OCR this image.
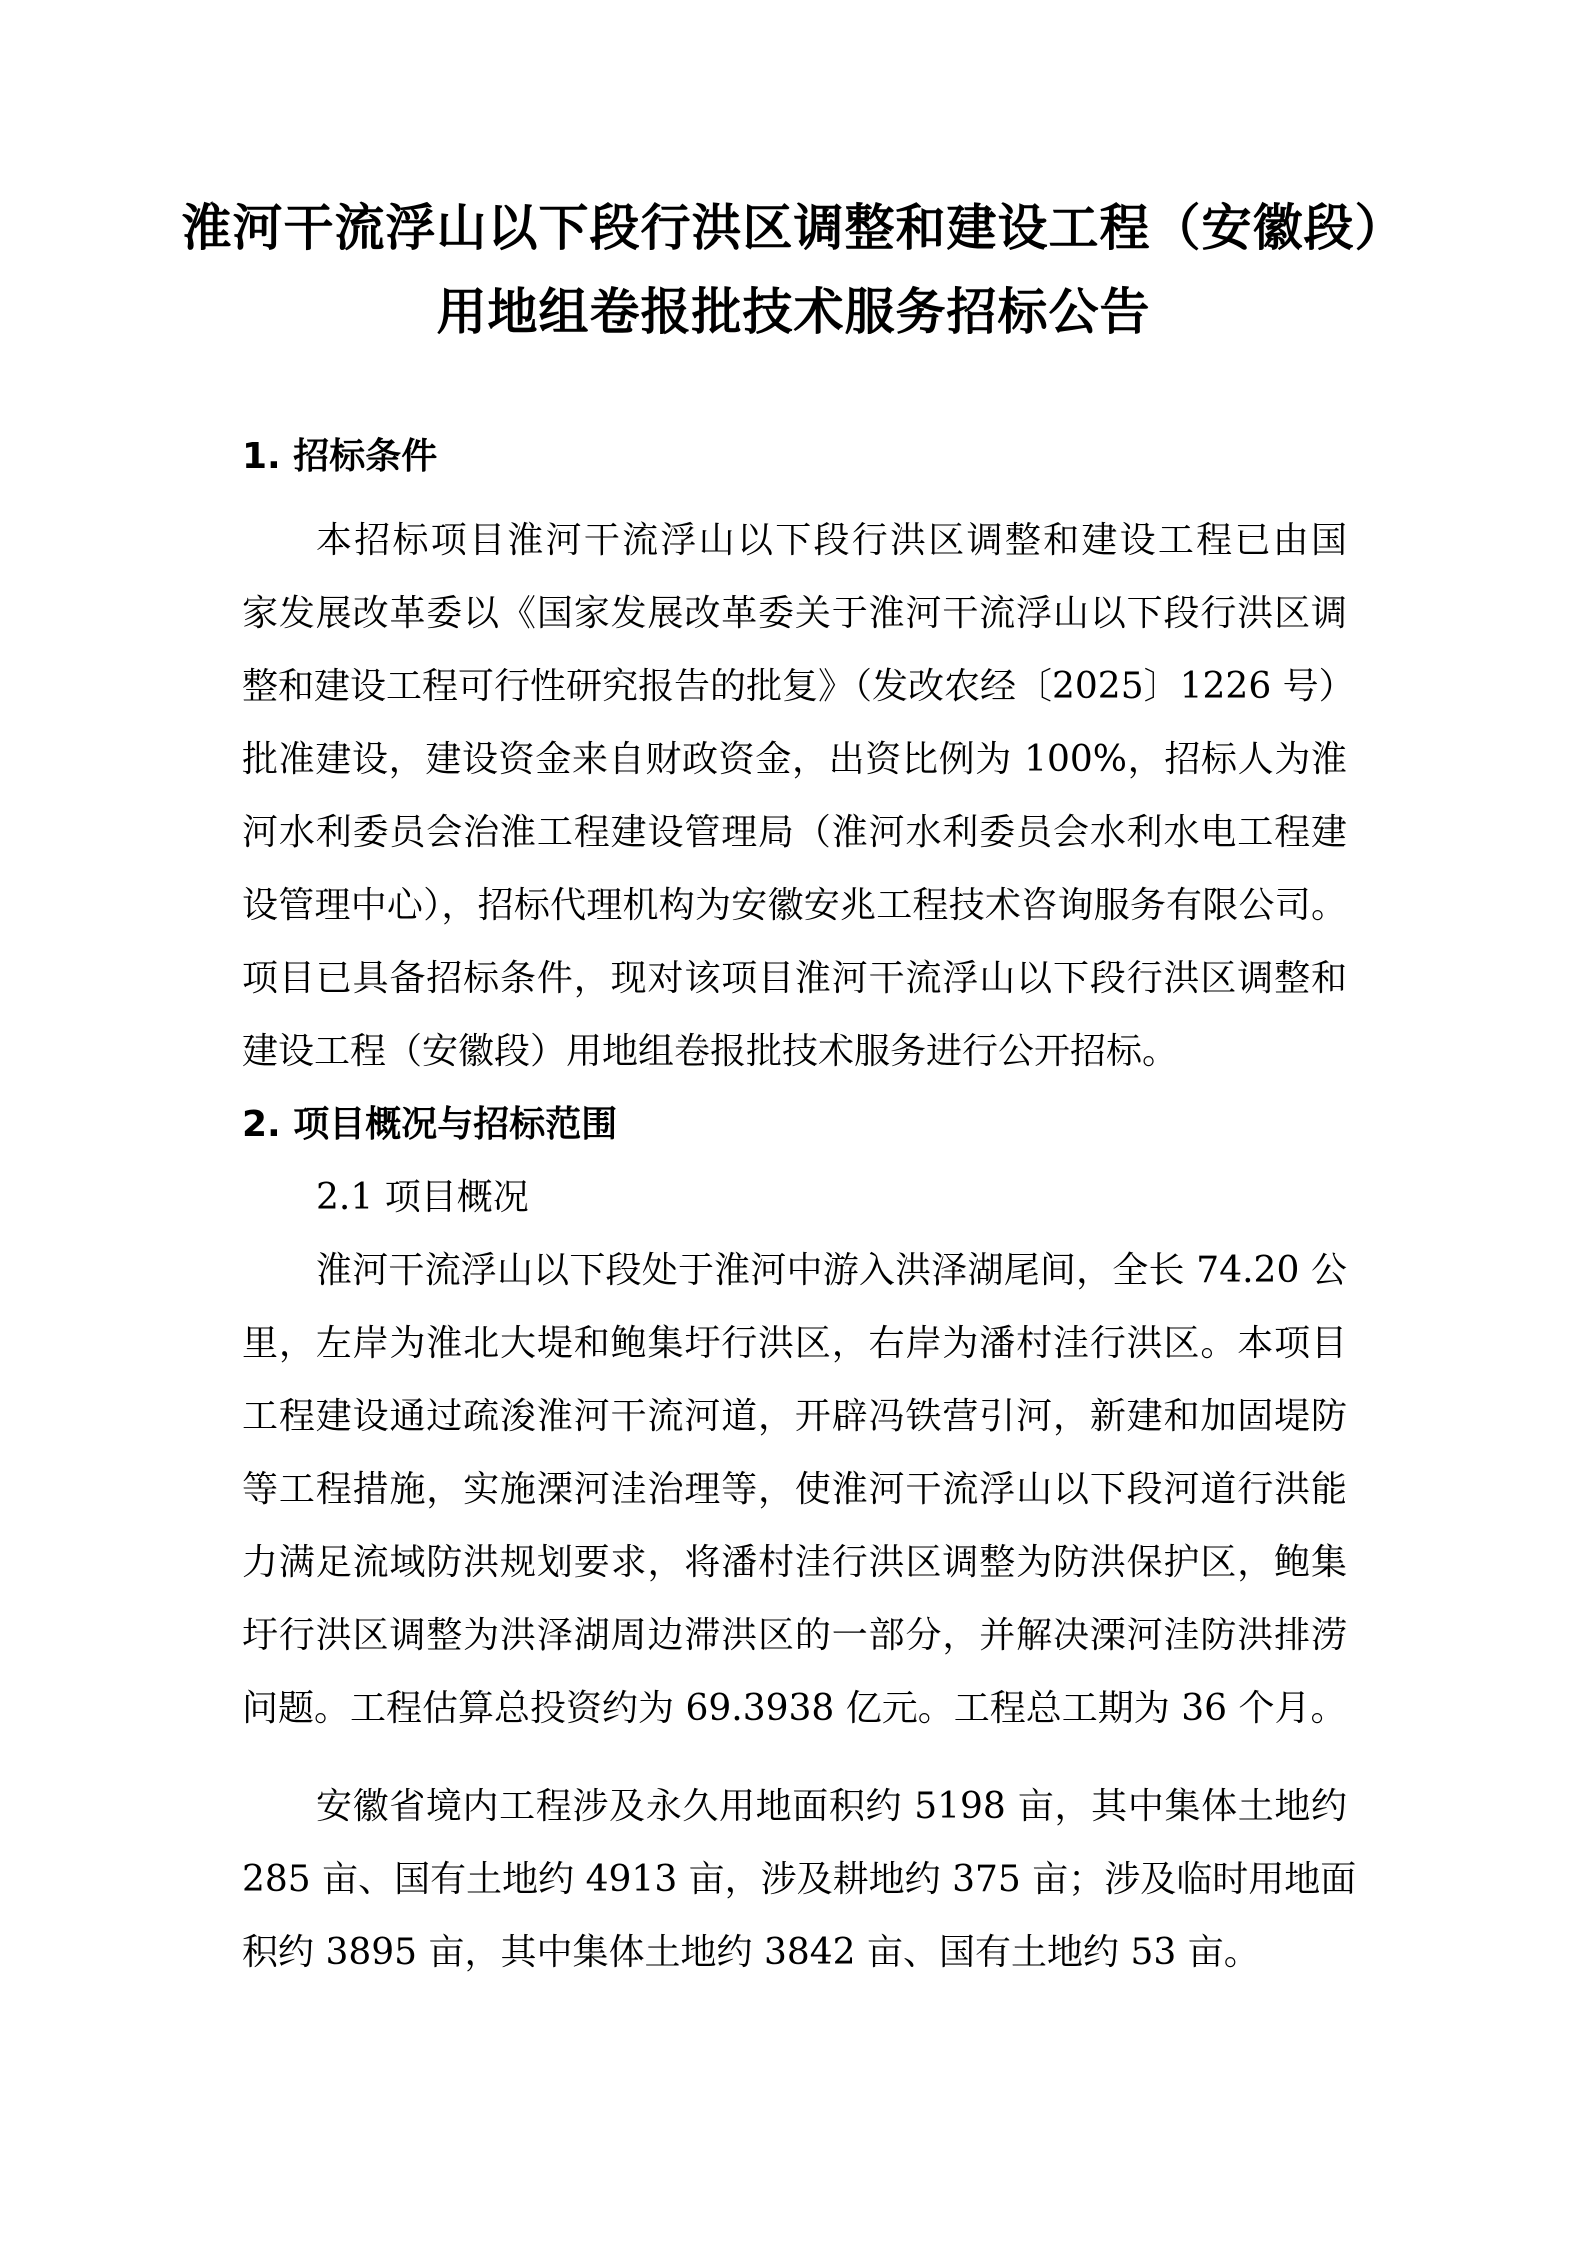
淮河干流浮山以下段行洪区调整和建设工程（安徽段）
用地组卷报批技术服务招标公告
1. 招标条件
本招标项目淮河干流浮山以下段行洪区调整和建设工程已由国
家发展改革委以《国家发展改革委关于淮河干流浮山以下段行洪区调
整和建设工程可行性研究报告的批复》（发改农经〔2025〕1226 号）
批准建设，建设资金来自财政资金，出资比例为 100%，招标人为淮
河水利委员会治淮工程建设管理局（淮河水利委员会水利水电工程建
设管理中心），招标代理机构为安徽安兆工程技术咨询服务有限公司。
项目已具备招标条件，现对该项目淮河干流浮山以下段行洪区调整和
建设工程（安徽段）用地组卷报批技术服务进行公开招标。
2. 项目概况与招标范围
2.1 项目概况
淮河干流浮山以下段处于淮河中游入洪泽湖尾间，全长 74.20 公
里，左岸为淮北大堤和鲍集圩行洪区，右岸为潘村洼行洪区。本项目
工程建设通过疏浚淮河干流河道，开辟冯铁营引河，新建和加固堤防
等工程措施，实施溧河洼治理等，使淮河干流浮山以下段河道行洪能
力满足流域防洪规划要求，将潘村洼行洪区调整为防洪保护区，鲍集
圩行洪区调整为洪泽湖周边滞洪区的一部分，并解决溧河洼防洪排涝
问题。工程估算总投资约为 69.3938 亿元。工程总工期为 36 个月。
安徽省境内工程涉及永久用地面积约 5198 亩，其中集体土地约
285 亩、国有土地约 4913 亩，涉及耕地约 375 亩；涉及临时用地面
积约 3895 亩，其中集体土地约 3842 亩、国有土地约 53 亩。
